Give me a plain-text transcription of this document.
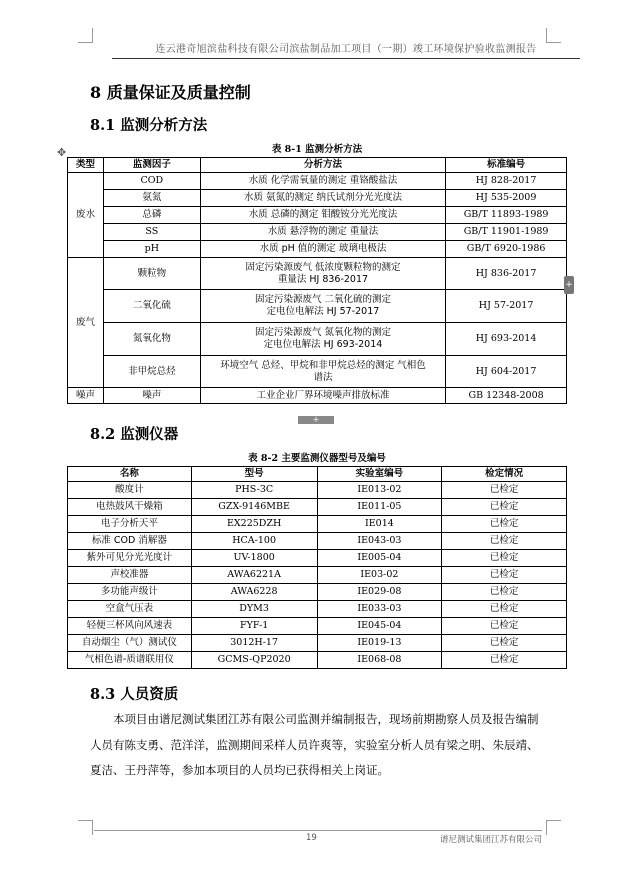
连云港奇旭滨盐科技有限公司滨盐制品加工项目（一期）竣工环境保护验收监测报告
8 质量保证及质量控制
8.1 监测分析方法
表 8-1 监测分析方法
✥
类型	监测因子	分析方法	标准编号
废水	COD	水质 化学需氧量的测定 重铬酸盐法	HJ 828-2017
	氨氮	水质 氨氮的测定 纳氏试剂分光光度法	HJ 535-2009
	总磷	水质 总磷的测定 钼酸铵分光光度法	GB/T 11893-1989
	SS	水质 悬浮物的测定 重量法	GB/T 11901-1989
	pH	水质 pH 值的测定 玻璃电极法	GB/T 6920-1986
废气	颗粒物	固定污染源废气 低浓度颗粒物的测定
重量法 HJ 836-2017	HJ 836-2017
	二氧化硫	固定污染源废气 二氧化硫的测定
定电位电解法 HJ 57-2017	HJ 57-2017
	氮氧化物	固定污染源废气 氮氧化物的测定
定电位电解法 HJ 693-2014	HJ 693-2014
	非甲烷总烃	环境空气 总烃、甲烷和非甲烷总烃的测定 气相色
谱法	HJ 604-2017
噪声	噪声	工业企业厂界环境噪声排放标准	GB 12348-2008
+
+
8.2 监测仪器
表 8-2 主要监测仪器型号及编号
名称	型号	实验室编号	检定情况
酸度计	PHS-3C	IE013-02	已检定
电热鼓风干燥箱	GZX-9146MBE	IE011-05	已检定
电子分析天平	EX225DZH	IE014	已检定
标准 COD 消解器	HCA-100	IE043-03	已检定
紫外可见分光光度计	UV-1800	IE005-04	已检定
声校准器	AWA6221A	IE03-02	已检定
多功能声级计	AWA6228	IE029-08	已检定
空盒气压表	DYM3	IE033-03	已检定
轻便三杯风向风速表	FYF-1	IE045-04	已检定
自动烟尘（气）测试仪	3012H-17	IE019-13	已检定
气相色谱-质谱联用仪	GCMS-QP2020	IE068-08	已检定
8.3 人员资质
本项目由谱尼测试集团江苏有限公司监测并编制报告，现场前期勘察人员及报告编制人员有陈支勇、范洋洋，监测期间采样人员许爽等，实验室分析人员有梁之明、朱辰靖、夏洁、王丹萍等，参加本项目的人员均已获得相关上岗证。
19	谱尼测试集团江苏有限公司
